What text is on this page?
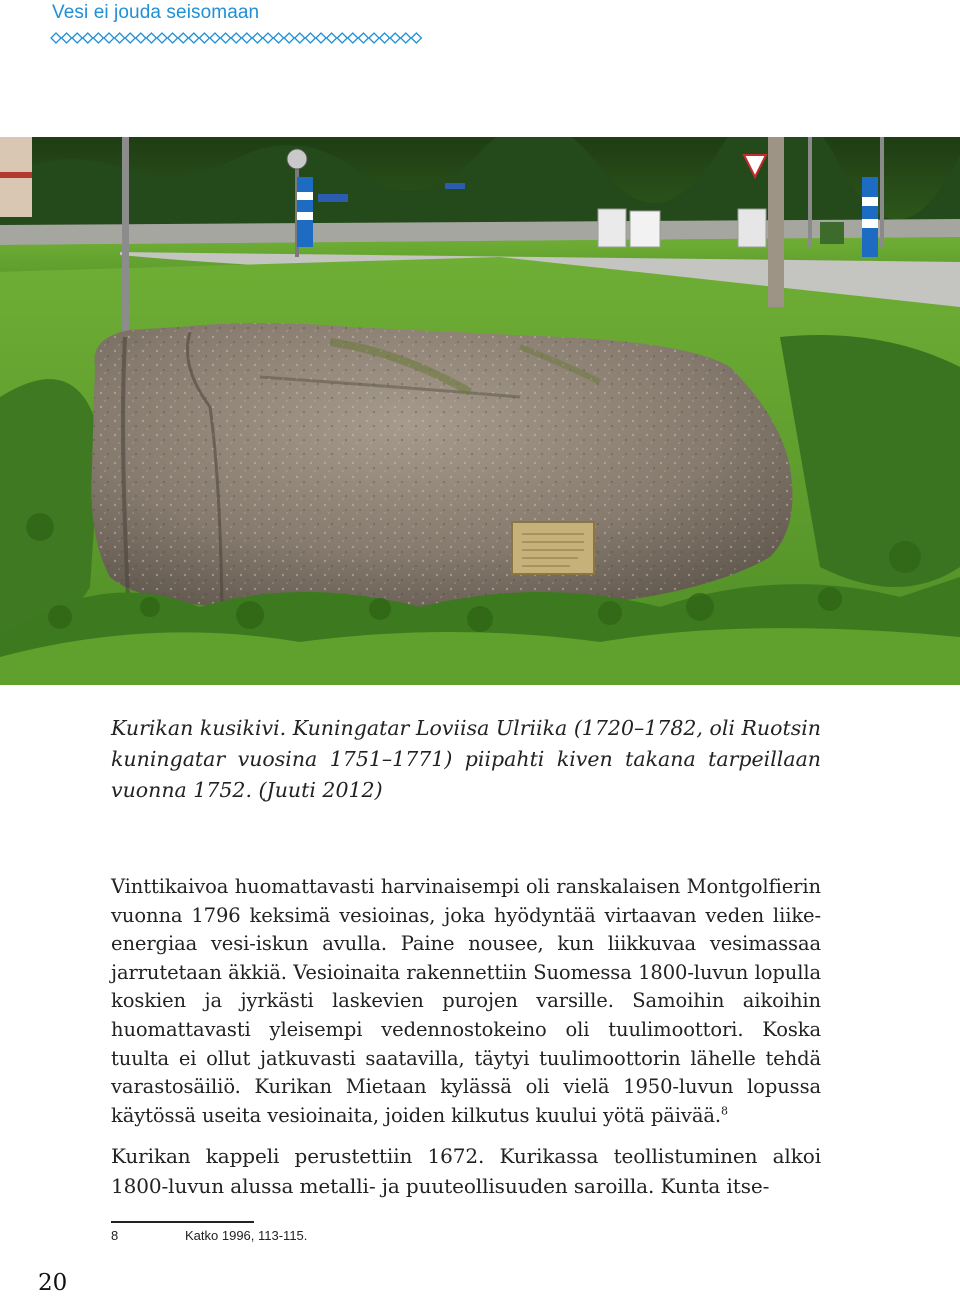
Vesi ei jouda seisomaan

Kurikan kusikivi. Kuningatar Loviisa Ulriika (1720–1782, oli Ruotsin kuningatar vuosina 1751–1771) piipahti kiven takana tarpeillaan vuonna 1752. (Juuti 2012)

Vinttikaivoa huomattavasti harvinaisempi oli ranskalaisen Montgolfierin vuonna 1796 keksimä vesioinas, joka hyödyntää virtaavan veden liike-energiaa vesi-iskun avulla. Paine nousee, kun liikkuvaa vesimassaa jarrutetaan äkkiä. Vesioinaita rakennettiin Suomessa 1800-luvun lopulla koskien ja jyrkästi laskevien purojen varsille. Samoihin aikoihin huomattavasti yleisempi vedennostokeino oli tuulimoottori. Koska tuulta ei ollut jatkuvasti saatavilla, täytyi tuulimoottorin lähelle tehdä varastosäiliö. Kurikan Mietaan kylässä oli vielä 1950-luvun lopussa käytössä useita vesioinaita, joiden kilkutus kuului yötä päivää.$^8$

Kurikan kappeli perustettiin 1672. Kurikassa teollistuminen alkoi 1800-luvun alussa metalli- ja puuteollisuuden saroilla. Kunta itse-

8	Katko 1996, 113-115.
20
